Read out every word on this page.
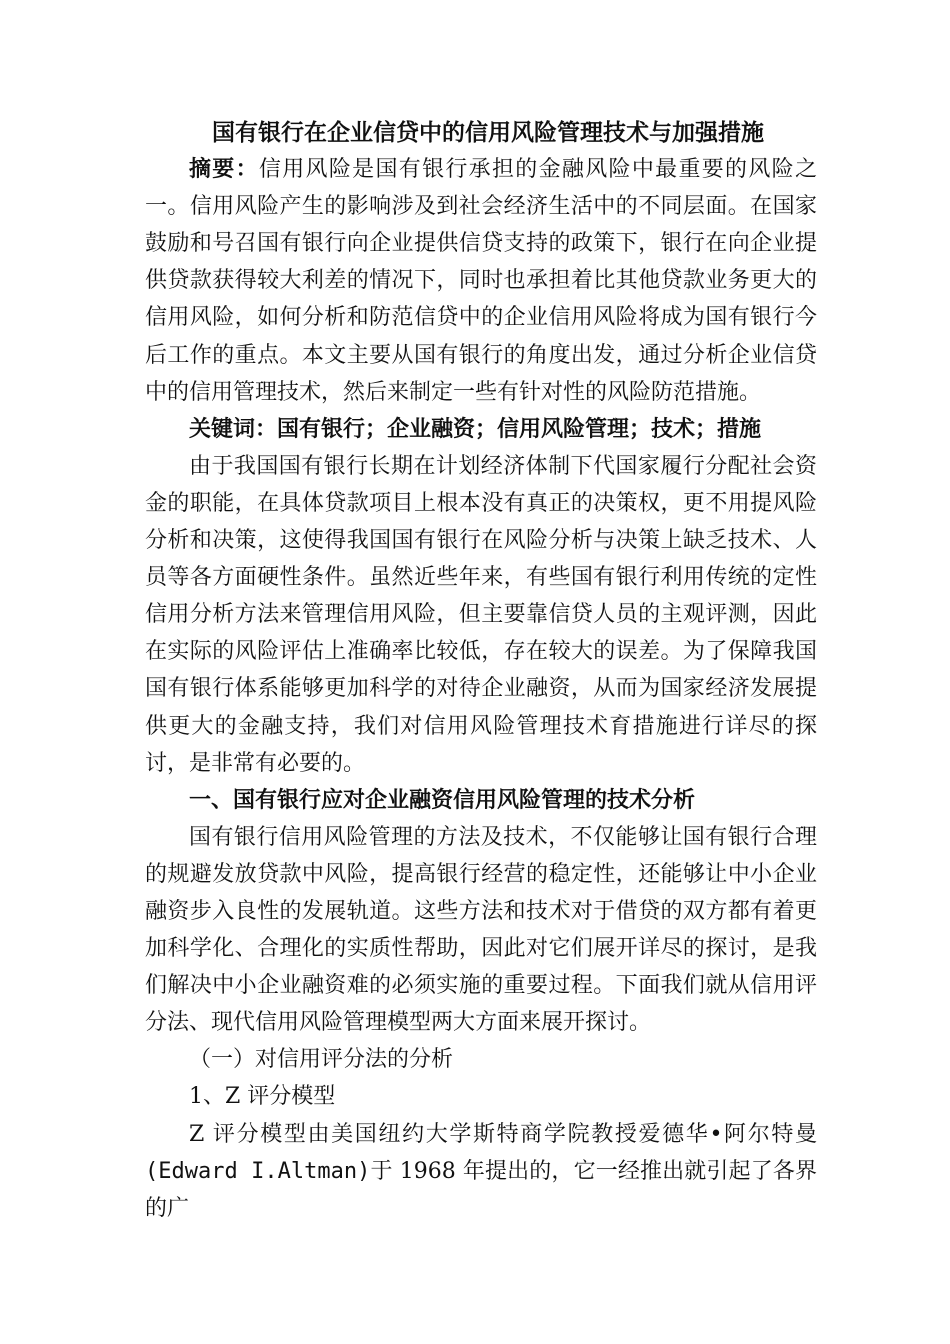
国有银行在企业信贷中的信用风险管理技术与加强措施

摘要：信用风险是国有银行承担的金融风险中最重要的风险之一。信用风险产生的影响涉及到社会经济生活中的不同层面。在国家鼓励和号召国有银行向企业提供信贷支持的政策下，银行在向企业提供贷款获得较大利差的情况下，同时也承担着比其他贷款业务更大的信用风险，如何分析和防范信贷中的企业信用风险将成为国有银行今后工作的重点。本文主要从国有银行的角度出发，通过分析企业信贷中的信用管理技术，然后来制定一些有针对性的风险防范措施。

关键词：国有银行；企业融资；信用风险管理；技术；措施

由于我国国有银行长期在计划经济体制下代国家履行分配社会资金的职能，在具体贷款项目上根本没有真正的决策权，更不用提风险分析和决策，这使得我国国有银行在风险分析与决策上缺乏技术、人员等各方面硬性条件。虽然近些年来，有些国有银行利用传统的定性信用分析方法来管理信用风险，但主要靠信贷人员的主观评测，因此在实际的风险评估上准确率比较低，存在较大的误差。为了保障我国国有银行体系能够更加科学的对待企业融资，从而为国家经济发展提供更大的金融支持，我们对信用风险管理技术育措施进行详尽的探讨，是非常有必要的。

一、国有银行应对企业融资信用风险管理的技术分析

国有银行信用风险管理的方法及技术，不仅能够让国有银行合理的规避发放贷款中风险，提高银行经营的稳定性，还能够让中小企业融资步入良性的发展轨道。这些方法和技术对于借贷的双方都有着更加科学化、合理化的实质性帮助，因此对它们展开详尽的探讨，是我们解决中小企业融资难的必须实施的重要过程。下面我们就从信用评分法、现代信用风险管理模型两大方面来展开探讨。

（一）对信用评分法的分析

1、Z 评分模型

Z 评分模型由美国纽约大学斯特商学院教授爱德华•阿尔特曼(Edward I.Altman)于 1968 年提出的，它一经推出就引起了各界的广
